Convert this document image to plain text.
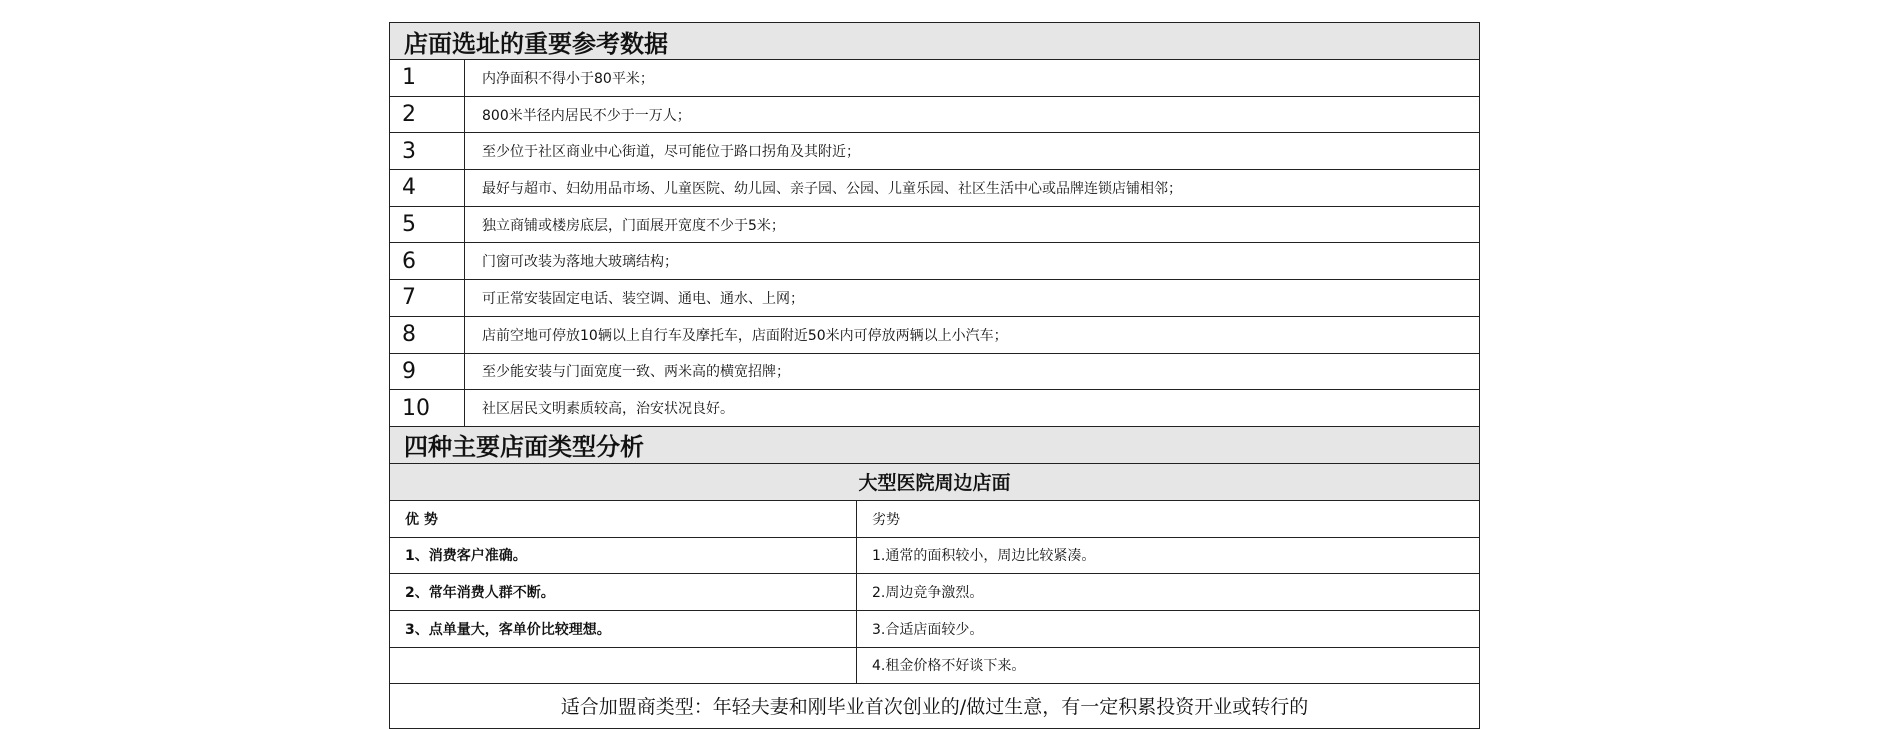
店面选址的重要参考数据		
1	内净面积不得小于80平米；	
2	800米半径内居民不少于一万人；	
3	至少位于社区商业中心街道，尽可能位于路口拐角及其附近；	
4	最好与超市、妇幼用品市场、儿童医院、幼儿园、亲子园、公园、儿童乐园、社区生活中心或品牌连锁店铺相邻；	
5	独立商铺或楼房底层，门面展开宽度不少于5米；	
6	门窗可改装为落地大玻璃结构；	
7	可正常安装固定电话、装空调、通电、通水、上网；	
8	店前空地可停放10辆以上自行车及摩托车，店面附近50米内可停放两辆以上小汽车；	
9	至少能安装与门面宽度一致、两米高的横宽招牌；	
10	社区居民文明素质较高，治安状况良好。	
四种主要店面类型分析		
大型医院周边店面		
优 势		劣势
1、消费客户准确。		1.通常的面积较小，周边比较紧凑。
2、常年消费人群不断。		2.周边竞争激烈。
3、点单量大，客单价比较理想。		3.合适店面较少。
		4.租金价格不好谈下来。
适合加盟商类型：年轻夫妻和刚毕业首次创业的/做过生意，有一定积累投资开业或转行的		
